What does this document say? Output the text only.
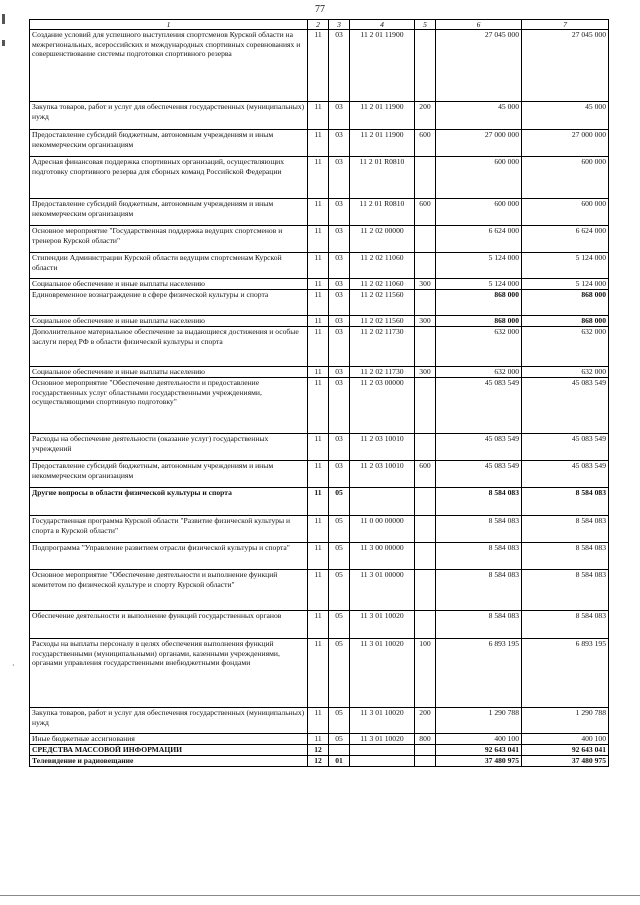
77
1	2	3	4	5	6	7
Создание условий для успешного выступления спортсменов Курской области на межрегиональных, всероссийских и международных спортивных соревнованиях и совершенствование системы подготовки спортивного резерва	11	03	11 2 01 11900		27 045 000	27 045 000
Закупка товаров, работ и услуг для обеспечения государственных (муниципальных) нужд	11	03	11 2 01 11900	200	45 000	45 000
Предоставление субсидий бюджетным, автономным учреждениям и иным некоммерческим организациям	11	03	11 2 01 11900	600	27 000 000	27 000 000
Адресная финансовая поддержка спортивных организаций, осуществляющих подготовку спортивного резерва для сборных команд Российской Федерации	11	03	11 2 01 R0810		600 000	600 000
Предоставление субсидий бюджетным, автономным учреждениям и иным некоммерческим организациям	11	03	11 2 01 R0810	600	600 000	600 000
Основное мероприятие "Государственная поддержка ведущих спортсменов и тренеров Курской области"	11	03	11 2 02 00000		6 624 000	6 624 000
Стипендии Администрации Курской области ведущим спортсменам Курской области	11	03	11 2 02 11060		5 124 000	5 124 000
Социальное обеспечение и иные выплаты населению	11	03	11 2 02 11060	300	5 124 000	5 124 000
Единовременное вознаграждение в сфере физической культуры и спорта	11	03	11 2 02 11560		868 000	868 000
Социальное обеспечение и иные выплаты населению	11	03	11 2 02 11560	300	868 000	868 000
Дополнительное материальное обеспечение за выдающиеся достижения и особые заслуги перед РФ в области физической культуры и спорта	11	03	11 2 02 11730		632 000	632 000
Социальное обеспечение и иные выплаты населению	11	03	11 2 02 11730	300	632 000	632 000
Основное мероприятие "Обеспечение деятельности и предоставление государственных услуг областными государственными учреждениями, осуществляющими спортивную подготовку"	11	03	11 2 03 00000		45 083 549	45 083 549
Расходы на обеспечение деятельности (оказание услуг) государственных учреждений	11	03	11 2 03 10010		45 083 549	45 083 549
Предоставление субсидий бюджетным, автономным учреждениям и иным некоммерческим организациям	11	03	11 2 03 10010	600	45 083 549	45 083 549
Другие вопросы в области физической культуры и спорта	11	05			8 584 083	8 584 083
Государственная программа Курской области "Развитие физической культуры и спорта в Курской области"	11	05	11 0 00 00000		8 584 083	8 584 083
Подпрограмма "Управление развитием отрасли физической культуры и спорта"	11	05	11 3 00 00000		8 584 083	8 584 083
Основное мероприятие "Обеспечение деятельности и выполнение функций комитетом по физической культуре и спорту Курской области"	11	05	11 3 01 00000		8 584 083	8 584 083
Обеспечение деятельности и выполнение функций государственных органов	11	05	11 3 01 10020		8 584 083	8 584 083
Расходы на выплаты персоналу в целях обеспечения выполнения функций государственными (муниципальными) органами, казенными учреждениями, органами управления государственными внебюджетными фондами	11	05	11 3 01 10020	100	6 893 195	6 893 195
Закупка товаров, работ и услуг для обеспечения государственных (муниципальных) нужд	11	05	11 3 01 10020	200	1 290 788	1 290 788
Иные бюджетные ассигнования	11	05	11 3 01 10020	800	400 100	400 100
СРЕДСТВА МАССОВОЙ ИНФОРМАЦИИ	12				92 643 041	92 643 041
Телевидение и радиовещание	12	01			37 480 975	37 480 975
·
